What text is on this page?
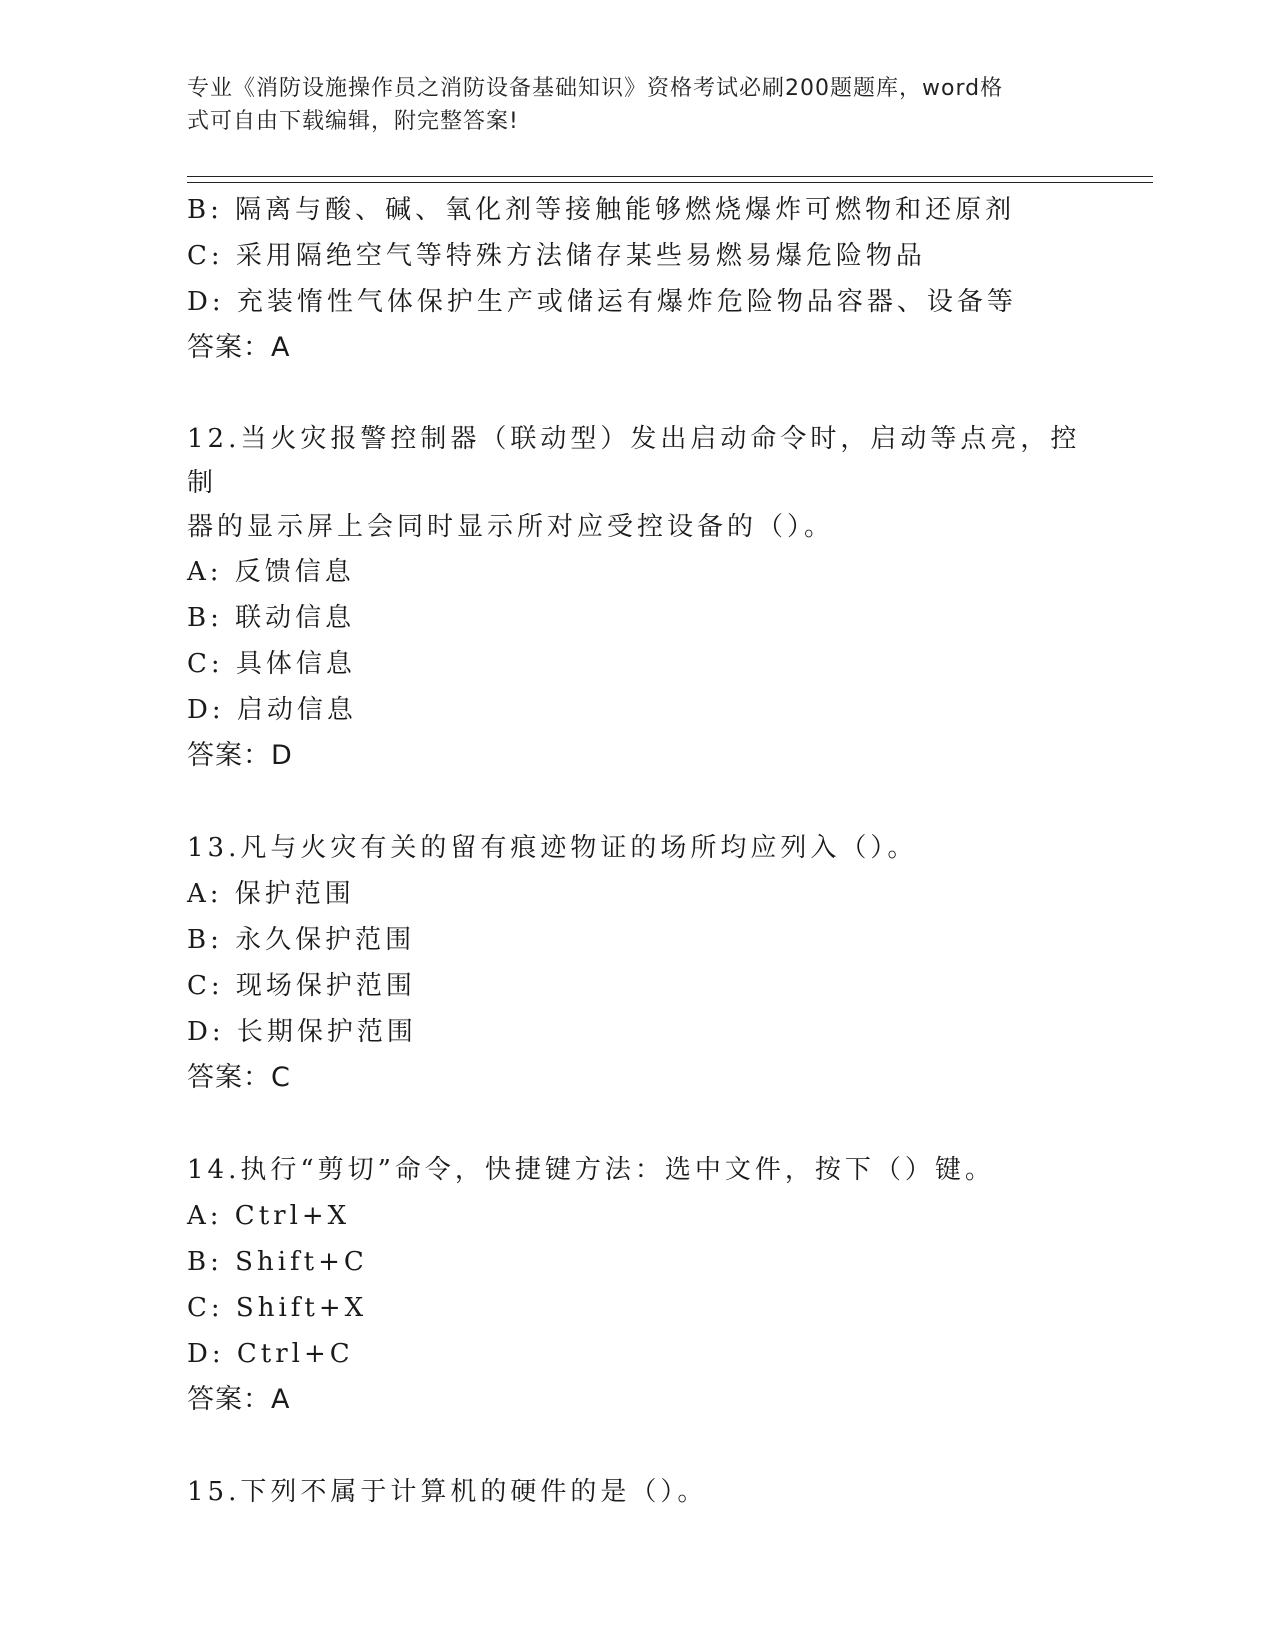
专业《消防设施操作员之消防设备基础知识》资格考试必刷200题题库，word格
式可自由下载编辑，附完整答案!
B: 隔离与酸、碱、氧化剂等接触能够燃烧爆炸可燃物和还原剂
C: 采用隔绝空气等特殊方法储存某些易燃易爆危险物品
D: 充装惰性气体保护生产或储运有爆炸危险物品容器、设备等
答案：A
12.当火灾报警控制器（联动型）发出启动命令时，启动等点亮，控制
器的显示屏上会同时显示所对应受控设备的（）。
A: 反馈信息
B: 联动信息
C: 具体信息
D: 启动信息
答案：D
13.凡与火灾有关的留有痕迹物证的场所均应列入（）。
A: 保护范围
B: 永久保护范围
C: 现场保护范围
D: 长期保护范围
答案：C
14.执行“剪切”命令，快捷键方法：选中文件，按下（）键。
A: Ctrl+X
B: Shift+C
C: Shift+X
D: Ctrl+C
答案：A
15.下列不属于计算机的硬件的是（）。
